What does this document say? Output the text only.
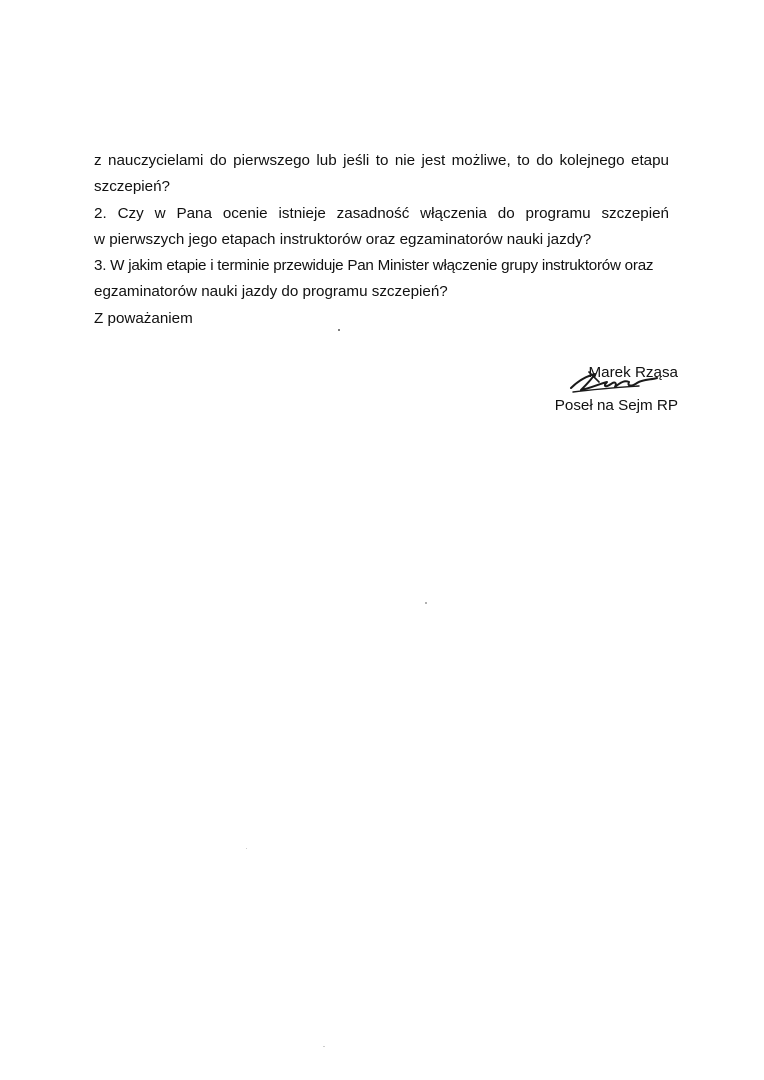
z nauczycielami do pierwszego lub jeśli to nie jest możliwe, to do kolejnego etapu
szczepień?
2. Czy w Pana ocenie istnieje zasadność włączenia do programu szczepień
w pierwszych jego etapach instruktorów oraz egzaminatorów nauki jazdy?
3. W jakim etapie i terminie przewiduje Pan Minister włączenie grupy instruktorów oraz
egzaminatorów nauki jazdy do programu szczepień?
Z poważaniem
Marek Rząsa
Poseł na Sejm RP
